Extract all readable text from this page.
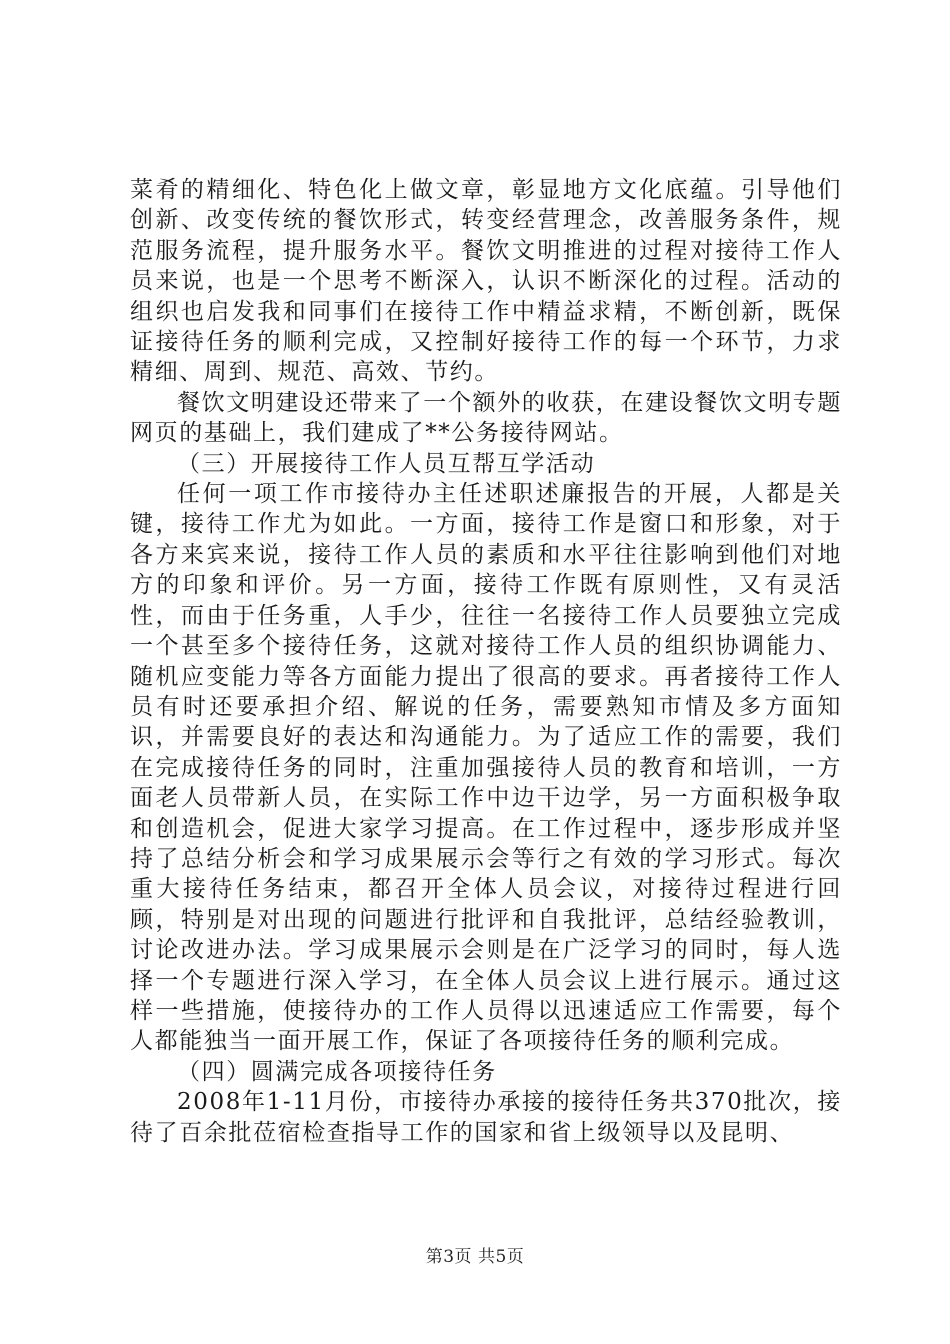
菜肴的精细化、特色化上做文章，彰显地方文化底蕴。引导他们创新、改变传统的餐饮形式，转变经营理念，改善服务条件，规范服务流程，提升服务水平。餐饮文明推进的过程对接待工作人员来说，也是一个思考不断深入，认识不断深化的过程。活动的组织也启发我和同事们在接待工作中精益求精，不断创新，既保证接待任务的顺利完成，又控制好接待工作的每一个环节，力求精细、周到、规范、高效、节约。

餐饮文明建设还带来了一个额外的收获，在建设餐饮文明专题网页的基础上，我们建成了**公务接待网站。

（三）开展接待工作人员互帮互学活动

任何一项工作市接待办主任述职述廉报告的开展，人都是关键，接待工作尤为如此。一方面，接待工作是窗口和形象，对于各方来宾来说，接待工作人员的素质和水平往往影响到他们对地方的印象和评价。另一方面，接待工作既有原则性，又有灵活性，而由于任务重，人手少，往往一名接待工作人员要独立完成一个甚至多个接待任务，这就对接待工作人员的组织协调能力、随机应变能力等各方面能力提出了很高的要求。再者接待工作人员有时还要承担介绍、解说的任务，需要熟知市情及多方面知识，并需要良好的表达和沟通能力。为了适应工作的需要，我们在完成接待任务的同时，注重加强接待人员的教育和培训，一方面老人员带新人员，在实际工作中边干边学，另一方面积极争取和创造机会，促进大家学习提高。在工作过程中，逐步形成并坚持了总结分析会和学习成果展示会等行之有效的学习形式。每次重大接待任务结束，都召开全体人员会议，对接待过程进行回顾，特别是对出现的问题进行批评和自我批评，总结经验教训，讨论改进办法。学习成果展示会则是在广泛学习的同时，每人选择一个专题进行深入学习，在全体人员会议上进行展示。通过这样一些措施，使接待办的工作人员得以迅速适应工作需要，每个人都能独当一面开展工作，保证了各项接待任务的顺利完成。

（四）圆满完成各项接待任务

2008年1-11月份，市接待办承接的接待任务共370批次，接待了百余批莅宿检查指导工作的国家和省上级领导以及昆明、

第3页 共5页
